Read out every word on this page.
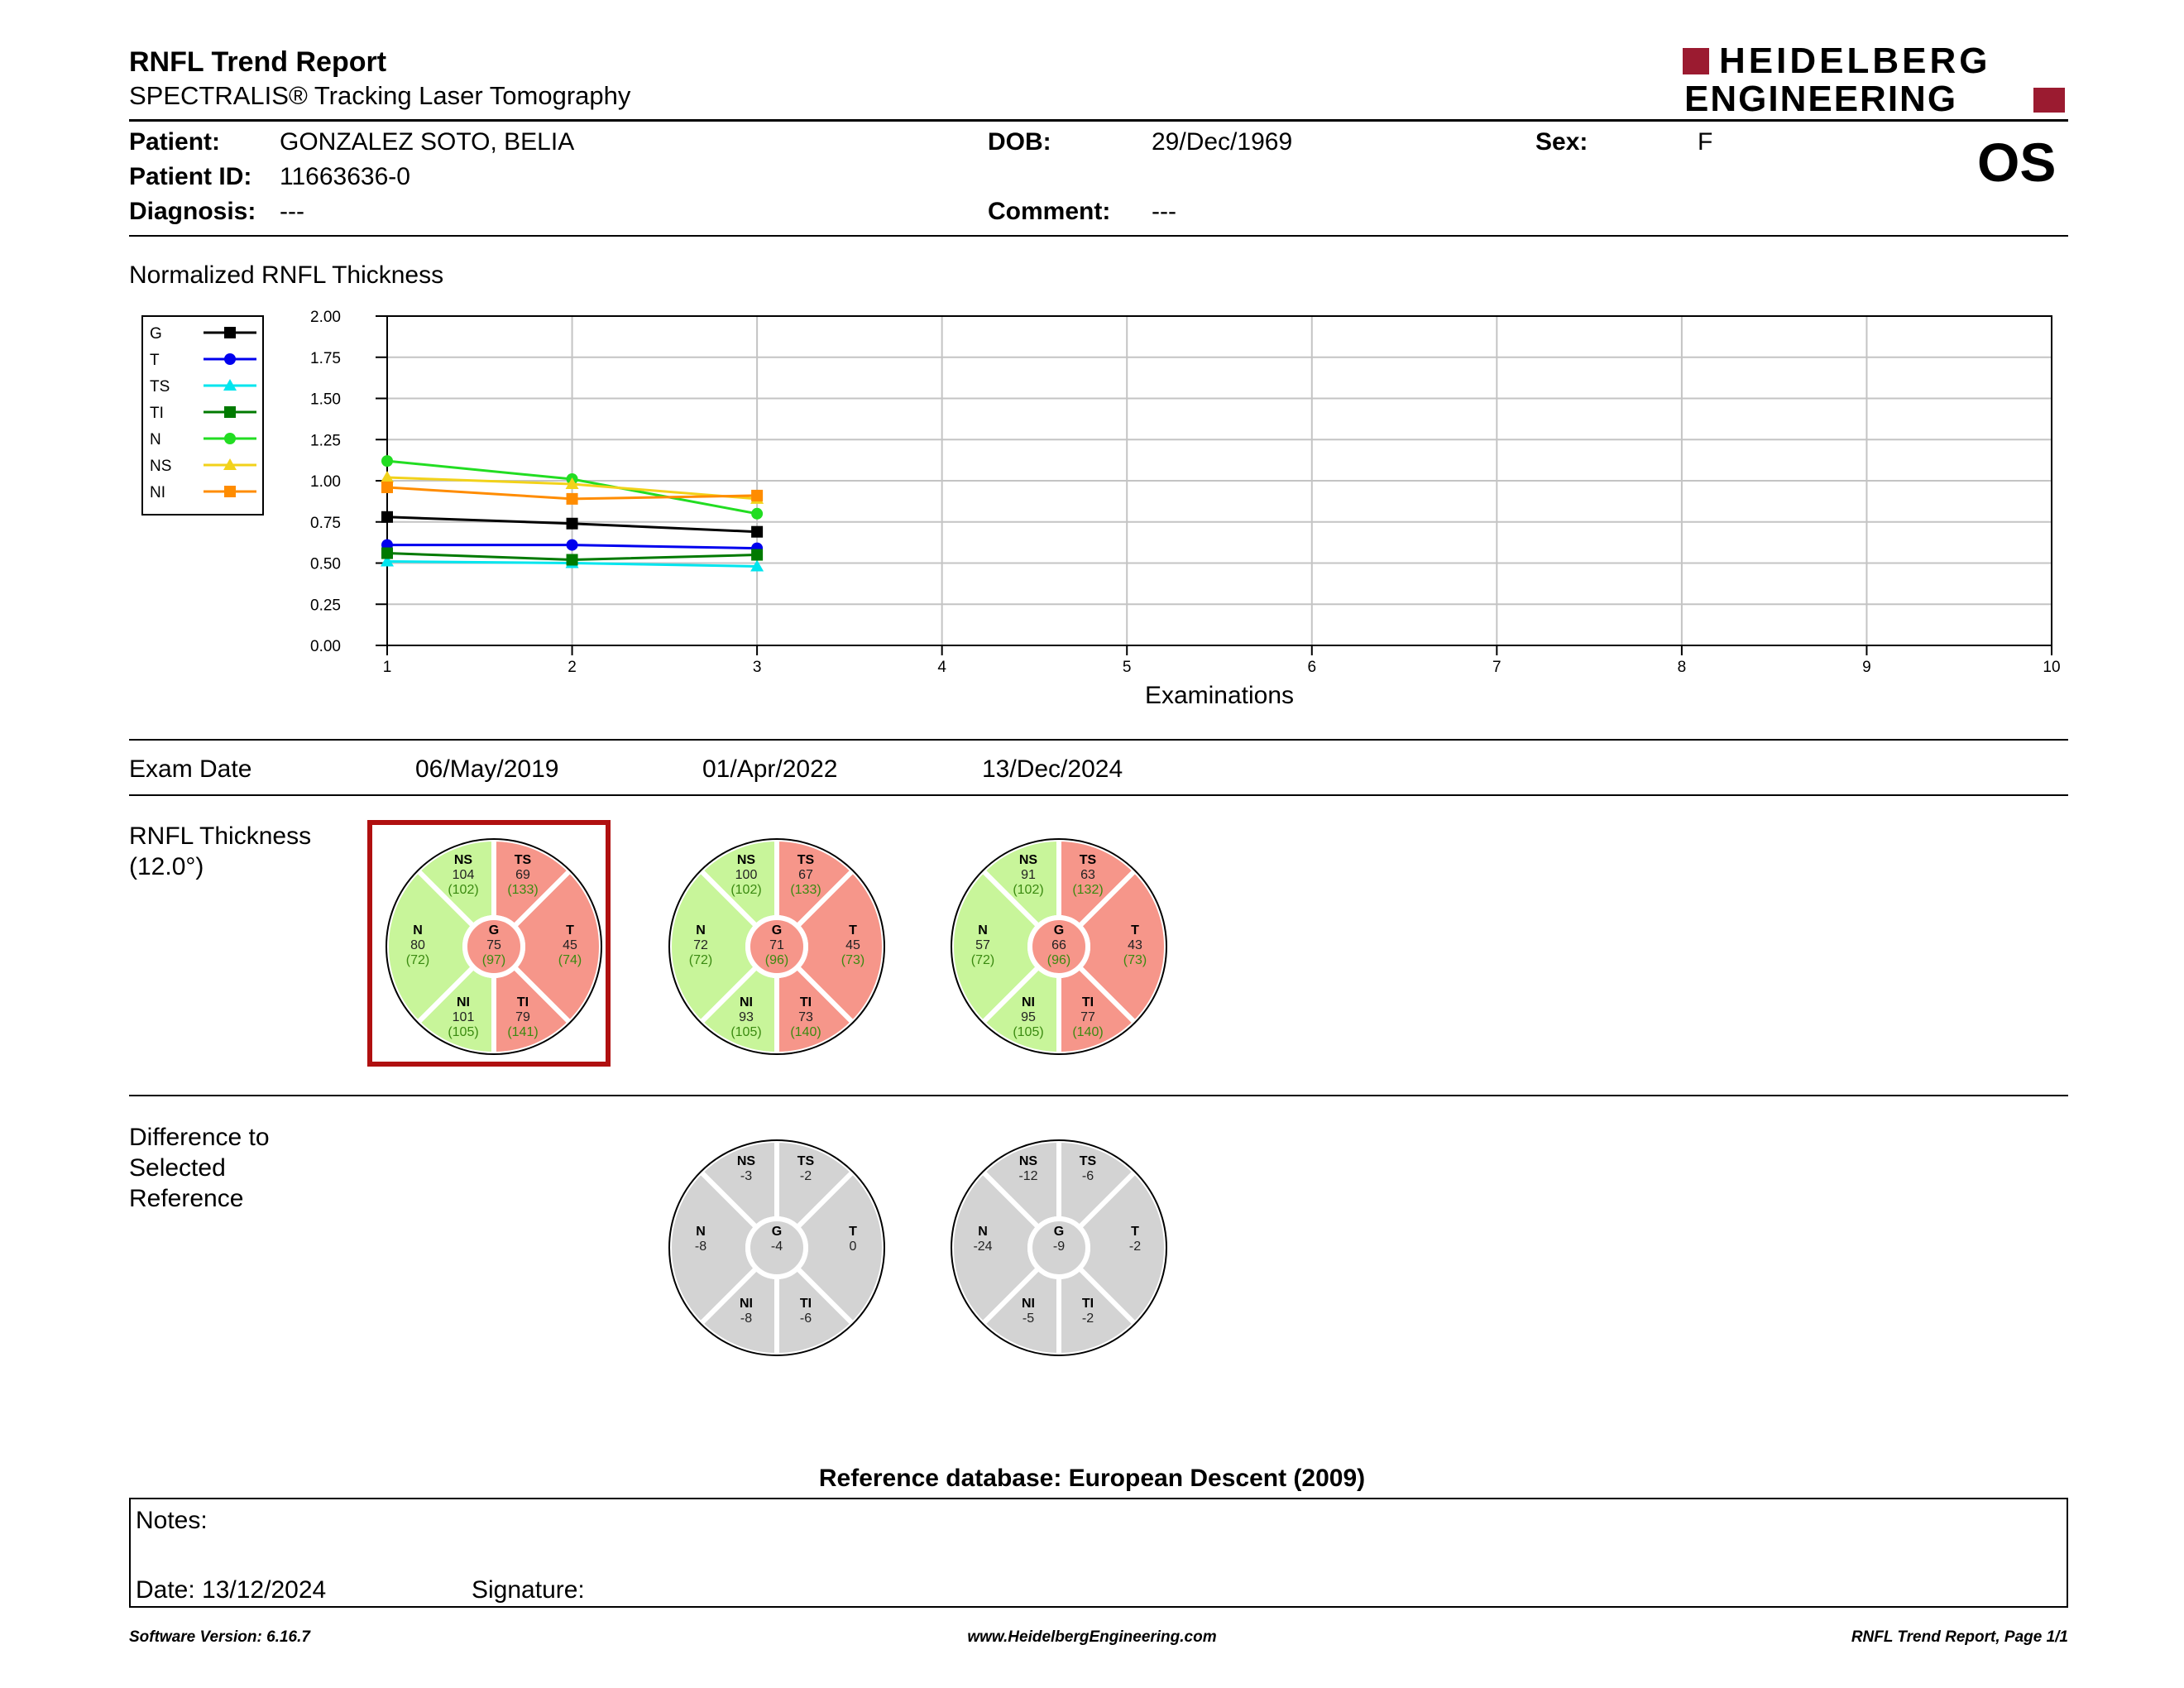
RNFL Trend Report
SPECTRALIS® Tracking Laser Tomography
HEIDELBERG
ENGINEERING
Patient: GONZALEZ SOTO, BELIA
Patient ID: 11663636-0
Diagnosis: ---
DOB:	29/Dec/1969
Comment: ---
Sex:	F	OS
Normalized RNFL Thickness
0.00
0.25
0.50
0.75
1.00
1.25
1.50
1.75
2.00
1	2	3	4	5	6	7	8	9	10
Examinations
G
T
TS
TI
N
NS
NI
Exam Date	06/May/2019	01/Apr/2022	13/Dec/2024
RNFL Thickness
(12.0°)
G
75
(97)
T
45
(74)
TS
69
(133)
TI
79
(141)
N
80
(72)
NS
104
(102)
NI
101
(105)
G
71
(96)
T
45
(73)
TS
67
(133)
TI
73
(140)
N
72
(72)
NS
100
(102)
NI
93
(105)
G
66
(96)
T
43
(73)
TS
63
(132)
TI
77
(140)
N
57
(72)
NS
91
(102)
NI
95
(105)
G
-4
T
0
TS
-2
TI
-6
N
-8
NS
-3
NI
-8
G
-9
T
-2
TS
-6
TI
-2
N
-24
NS
-12
NI
-5
Difference to
Selected
Reference
Reference database: European Descent (2009)
Notes:
Date: 13/12/2024	Signature:
Software Version: 6.16.7	www.HeidelbergEngineering.com	RNFL Trend Report, Page 1/1
